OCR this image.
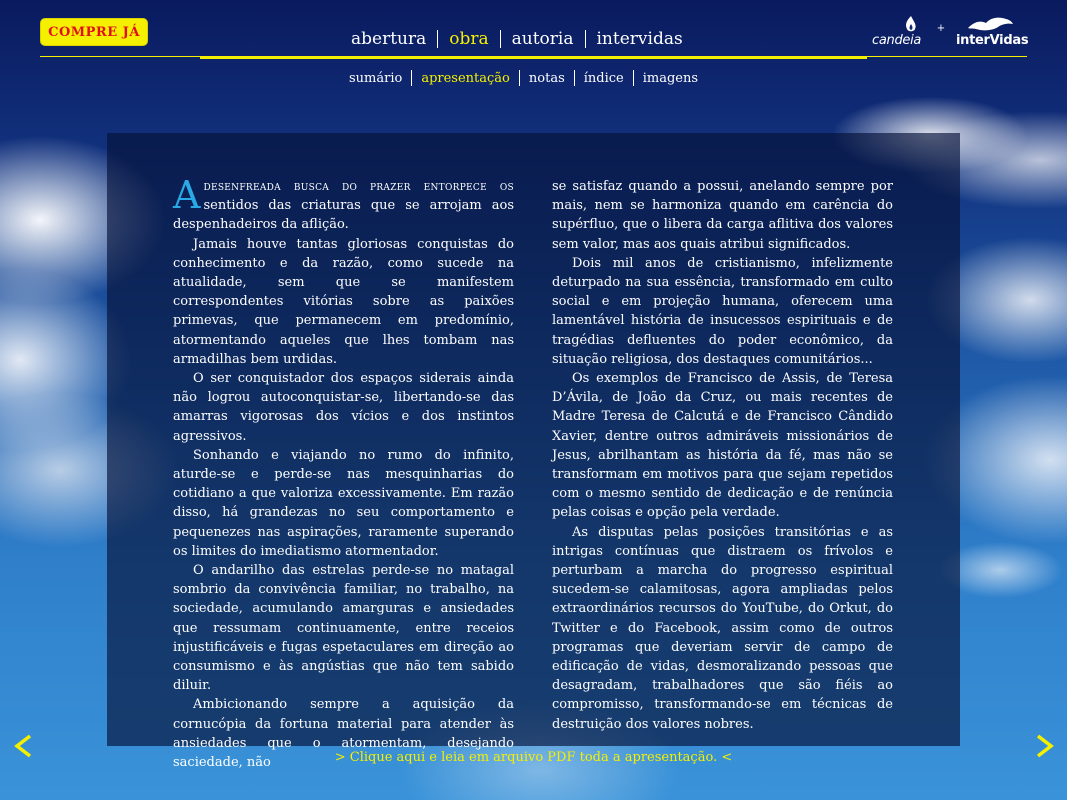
COMPRE JÁ	abertura	obra	autoria	intervidas
sumário	apresentação	notas	índice	imagens
candeia
+
interVidas

Adesenfreada busca do prazer entorpece os sentidos das criaturas que se arrojam aos despenhadeiros da aflição.

Jamais houve tantas gloriosas conquistas do conhecimento e da razão, como sucede na atualidade, sem que se manifestem correspondentes vitórias sobre as paixões primevas, que permanecem em predomínio, atormentando aqueles que lhes tombam nas armadilhas bem urdidas.

O ser conquistador dos espaços siderais ainda não logrou autoconquistar-se, libertando-se das amarras vigorosas dos vícios e dos instintos agressivos.

Sonhando e viajando no rumo do infinito, aturde-se e perde-se nas mesquinharias do cotidiano a que valoriza excessivamente. Em razão disso, há grandezas no seu comportamento e pequenezes nas aspirações, raramente superando os limites do imediatismo atormentador.

O andarilho das estrelas perde-se no matagal sombrio da convivência familiar, no trabalho, na sociedade, acumulando amarguras e ansiedades que ressumam continuamente, entre receios injustificáveis e fugas espetaculares em direção ao consumismo e às angústias que não tem sabido diluir.

Ambicionando sempre a aquisição da cornucópia da fortuna material para atender às ansiedades que o atormentam, desejando saciedade, não

se satisfaz quando a possui, anelando sempre por mais, nem se harmoniza quando em carência do supérfluo, que o libera da carga aflitiva dos valores sem valor, mas aos quais atribui significados.

Dois mil anos de cristianismo, infelizmente deturpado na sua essência, transformado em culto social e em projeção humana, oferecem uma lamentável história de insucessos espirituais e de tragédias defluentes do poder econômico, da situação religiosa, dos destaques comunitários...

Os exemplos de Francisco de Assis, de Teresa D’Ávila, de João da Cruz, ou mais recentes de Madre Teresa de Calcutá e de Francisco Cândido Xavier, dentre outros admiráveis missionários de Jesus, abrilhantam as história da fé, mas não se transformam em motivos para que sejam repetidos com o mesmo sentido de dedicação e de renúncia pelas coisas e opção pela verdade.

As disputas pelas posições transitórias e as intrigas contínuas que distraem os frívolos e perturbam a marcha do progresso espiritual sucedem-se calamitosas, agora ampliadas pelos extraordinários recursos do YouTube, do Orkut, do Twitter e do Facebook, assim como de outros programas que deveriam servir de campo de edificação de vidas, desmoralizando pessoas que desagradam, trabalhadores que são fiéis ao compromisso, transformando-se em técnicas de destruição dos valores nobres.

> Clique aqui e leia em arquivo PDF toda a apresentação. <
